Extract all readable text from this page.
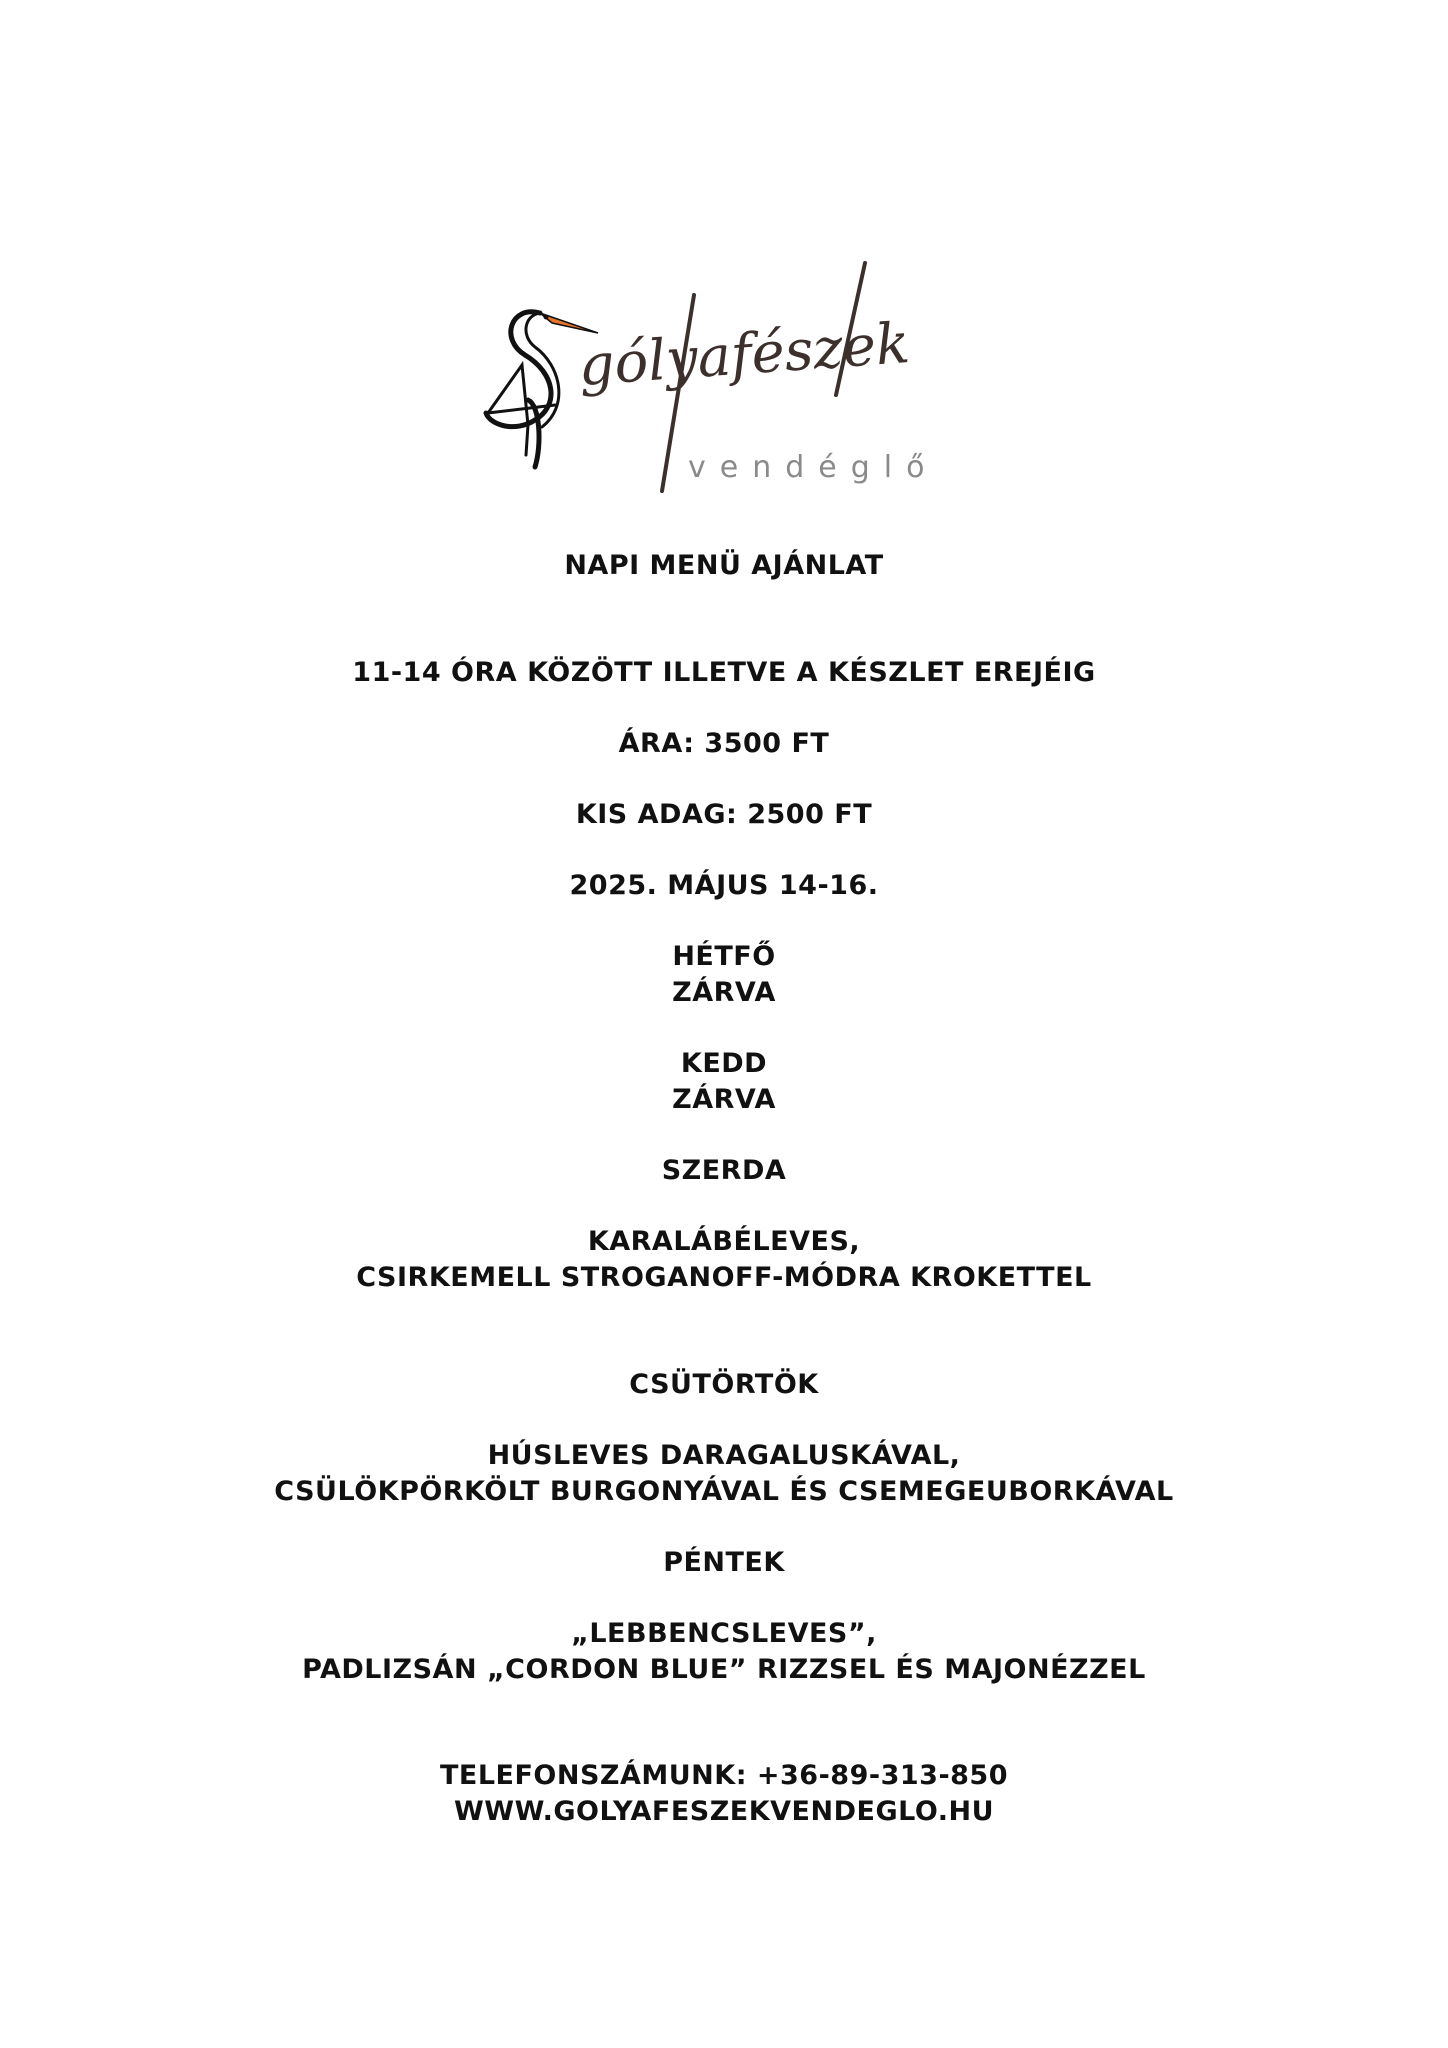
gólyafészek
vendéglő
NAPI MENÜ AJÁNLAT
11-14 ÓRA KÖZÖTT ILLETVE A KÉSZLET EREJÉIG
ÁRA: 3500 FT
KIS ADAG: 2500 FT
2025. MÁJUS 14-16.
HÉTFŐ
ZÁRVA
KEDD
ZÁRVA
SZERDA
KARALÁBÉLEVES,
CSIRKEMELL STROGANOFF-MÓDRA KROKETTEL
CSÜTÖRTÖK
HÚSLEVES DARAGALUSKÁVAL,
CSÜLÖKPÖRKÖLT BURGONYÁVAL ÉS CSEMEGEUBORKÁVAL
PÉNTEK
„LEBBENCSLEVES”,
PADLIZSÁN „CORDON BLUE” RIZZSEL ÉS MAJONÉZZEL
TELEFONSZÁMUNK: +36-89-313-850
WWW.GOLYAFESZEKVENDEGLO.HU
